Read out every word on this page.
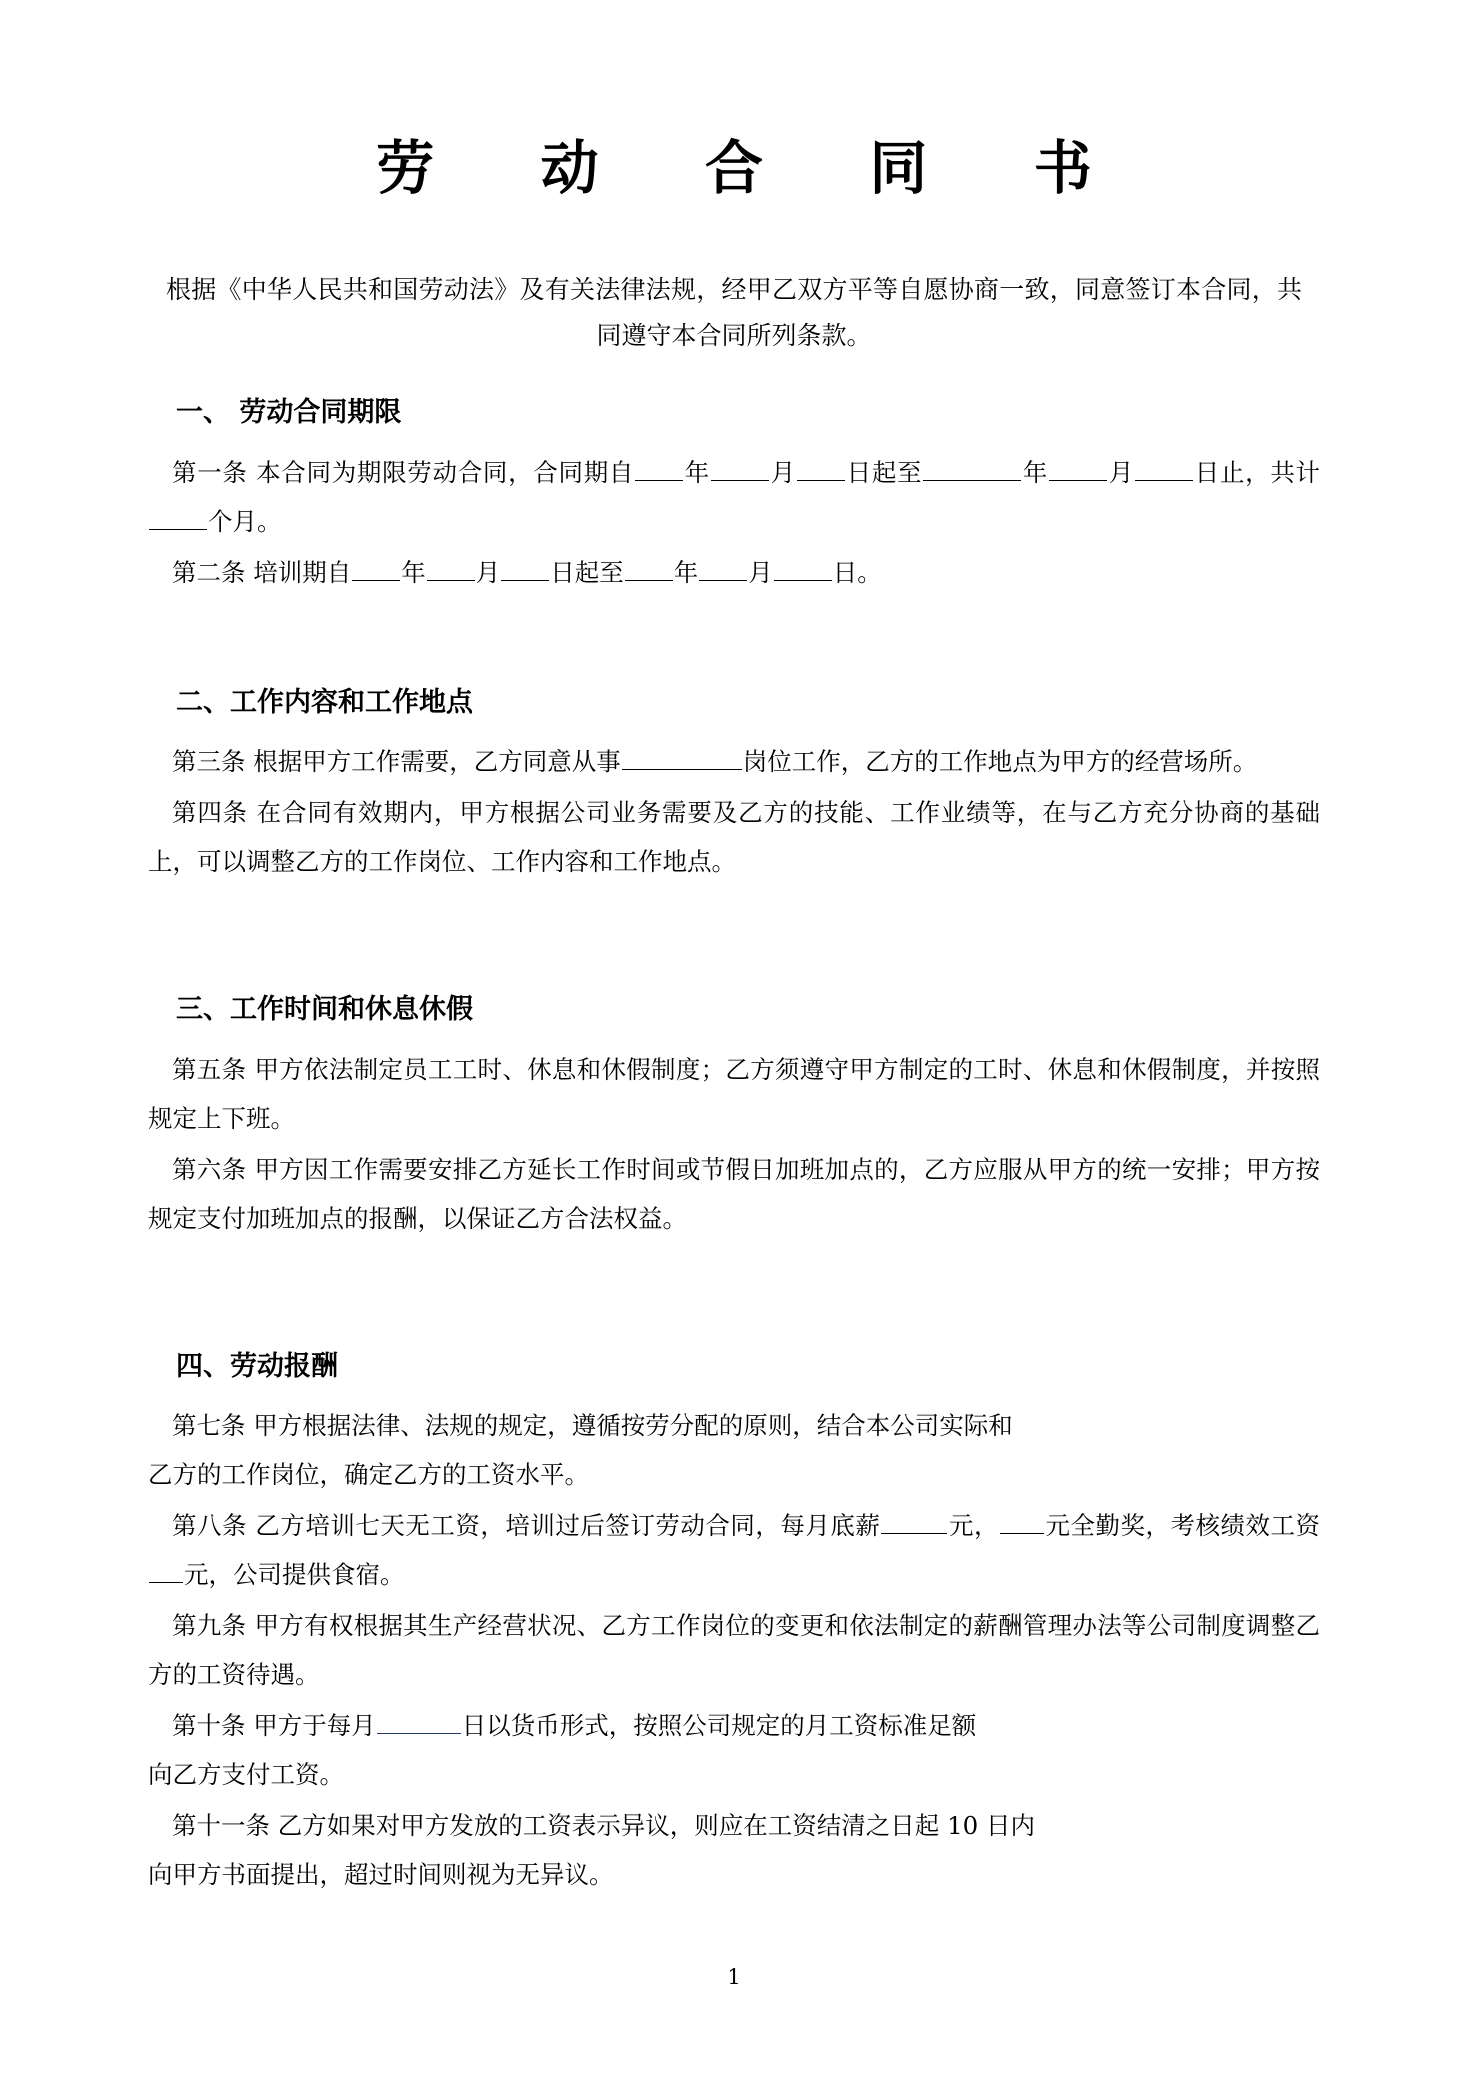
劳  动  合  同  书

根据《中华人民共和国劳动法》及有关法律法规，经甲乙双方平等自愿协商一致，同意签订本合同，共同遵守本合同所列条款。

一、 劳动合同期限

第一条 本合同为期限劳动合同，合同期自 年 月 日起至	年 月 日止，共计个月。

第二条 培训期自 年 月 日起至 年 月 日。

二、工作内容和工作地点

第三条 根据甲方工作需要，乙方同意从事	岗位工作，乙方的工作地点为甲方的经营场所。

第四条 在合同有效期内，甲方根据公司业务需要及乙方的技能、工作业绩等，在与乙方充分协商的基础上，可以调整乙方的工作岗位、工作内容和工作地点。

三、工作时间和休息休假

第五条 甲方依法制定员工工时、休息和休假制度；乙方须遵守甲方制定的工时、休息和休假制度，并按照规定上下班。

第六条 甲方因工作需要安排乙方延长工作时间或节假日加班加点的，乙方应服从甲方的统一安排；甲方按规定支付加班加点的报酬，以保证乙方合法权益。

四、劳动报酬

第七条 甲方根据法律、法规的规定，遵循按劳分配的原则，结合本公司实际和
乙方的工作岗位，确定乙方的工资水平。

第八条 乙方培训七天无工资，培训过后签订劳动合同，每月底薪	元， 元全勤奖，考核绩效工资元，公司提供食宿。

第九条 甲方有权根据其生产经营状况、乙方工作岗位的变更和依法制定的薪酬管理办法等公司制度调整乙方的工资待遇。

第十条 甲方于每月	日以货币形式，按照公司规定的月工资标准足额
向乙方支付工资。

第十一条 乙方如果对甲方发放的工资表示异议，则应在工资结清之日起 10 日内
向甲方书面提出，超过时间则视为无异议。

1
